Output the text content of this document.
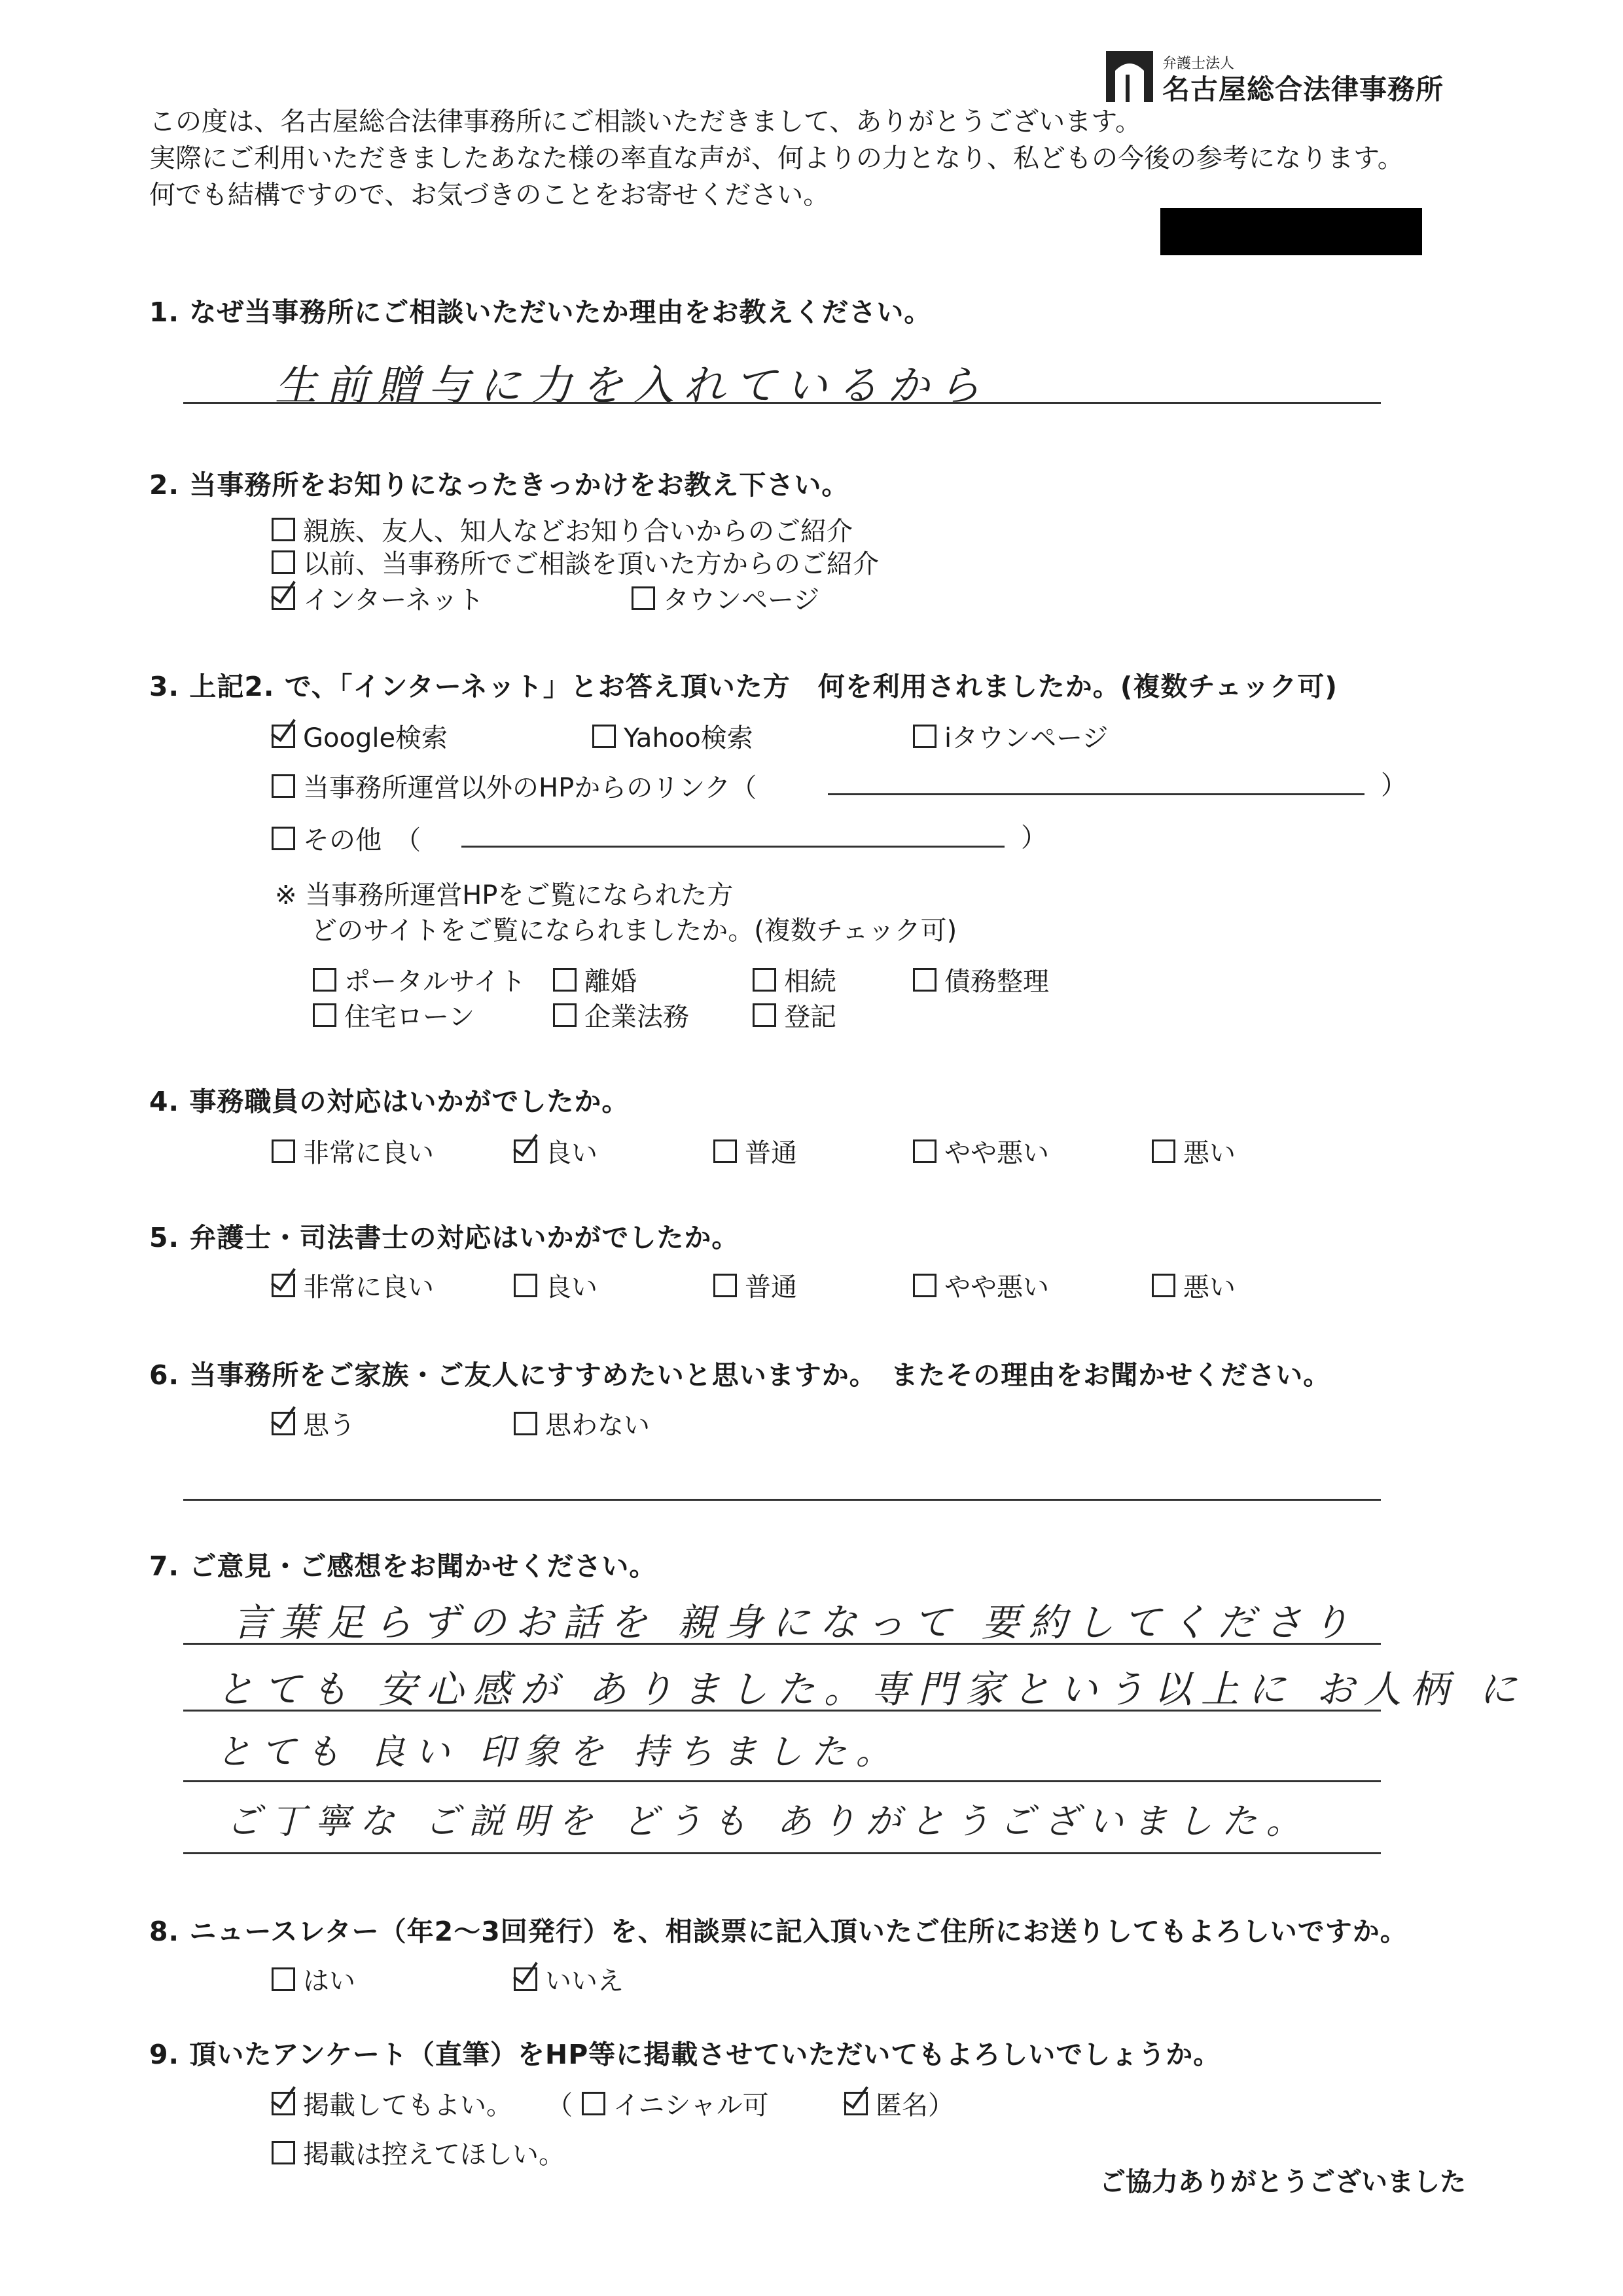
弁護士法人
名古屋総合法律事務所
この度は、名古屋総合法律事務所にご相談いただきまして、ありがとうございます。
実際にご利用いただきましたあなた様の率直な声が、何よりの力となり、私どもの今後の参考になります。
何でも結構ですので、お気づきのことをお寄せください。
1. なぜ当事務所にご相談いただいたか理由をお教えください。
生前贈与に力を入れているから
2. 当事務所をお知りになったきっかけをお教え下さい。
親族、友人、知人などお知り合いからのご紹介
以前、当事務所でご相談を頂いた方からのご紹介
インターネット	タウンページ
3. 上記2. で、「インターネット」とお答え頂いた方　何を利用されましたか。(複数チェック可)
Google検索	Yahoo検索	iタウンページ
当事務所運営以外のHPからのリンク（	）
その他　（	）
※ 当事務所運営HPをご覧になられた方
どのサイトをご覧になられましたか。(複数チェック可)
ポータルサイト 離婚	相続	債務整理
住宅ローン	企業法務	登記
4. 事務職員の対応はいかがでしたか。
非常に良い	良い	普通	やや悪い	悪い
5. 弁護士・司法書士の対応はいかがでしたか。
非常に良い	良い	普通	やや悪い	悪い
6. 当事務所をご家族・ご友人にすすめたいと思いますか。　またその理由をお聞かせください。
思う	思わない
7. ご意見・ご感想をお聞かせください。
言葉足らずのお話を 親身になって 要約してくださり
とても 安心感が ありました。専門家という以上に お人柄 に
とても 良い 印象を 持ちました。
ご丁寧な ご説明を どうも ありがとうございました。
8. ニュースレター（年2〜3回発行）を、相談票に記入頂いたご住所にお送りしてもよろしいですか。
はい	いいえ
9. 頂いたアンケート（直筆）をHP等に掲載させていただいてもよろしいでしょうか。
掲載してもよい。 （ イニシャル可	匿名）
掲載は控えてほしい。
ご協力ありがとうございました
